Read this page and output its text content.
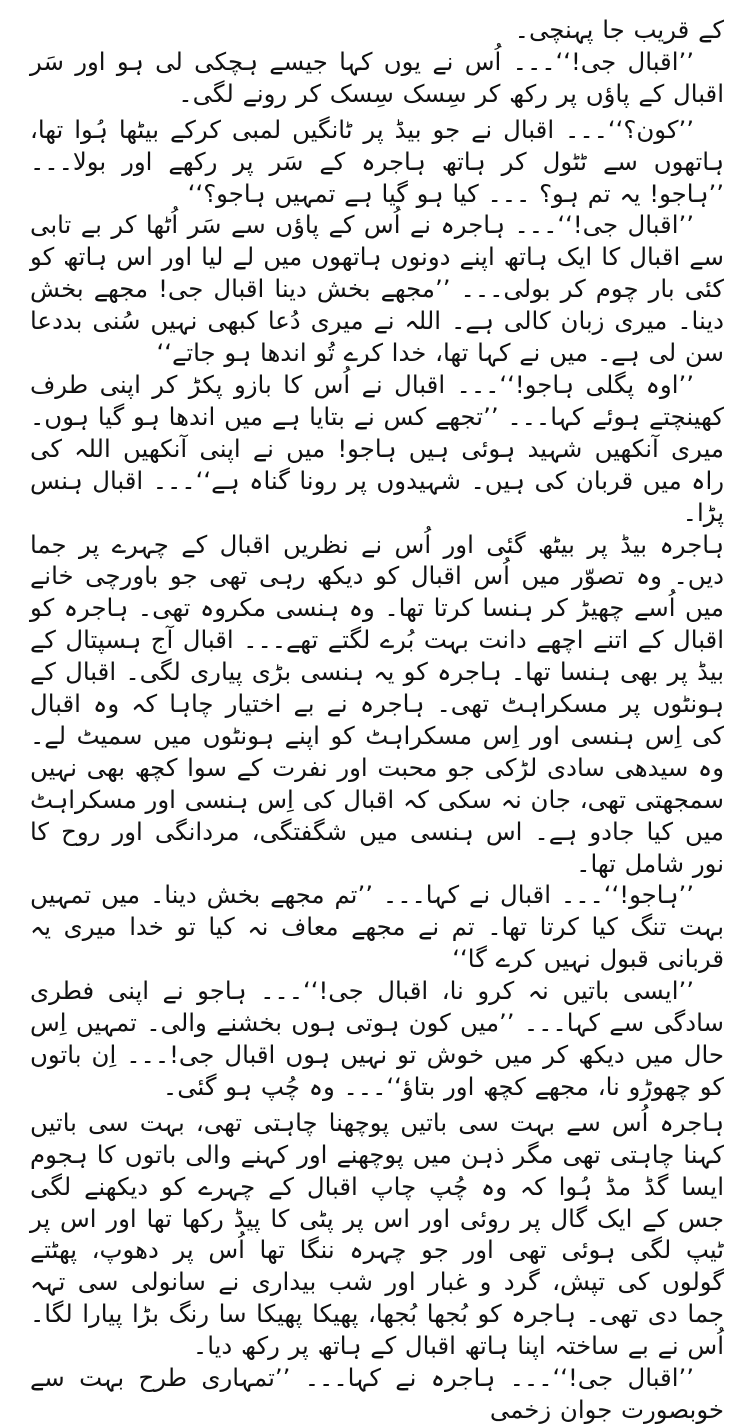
کے قریب جا پہنچی۔

’’اقبال جی!‘‘۔۔۔ اُس نے یوں کہا جیسے ہچکی لی ہو اور سَر اقبال کے پاؤں پر رکھ کر سِسک سِسک کر رونے لگی۔

’’کون؟‘‘۔۔۔ اقبال نے جو بیڈ پر ٹانگیں لمبی کرکے بیٹھا ہُوا تھا، ہاتھوں سے ٹٹول کر ہاتھ ہاجرہ کے سَر پر رکھے اور بولا۔۔۔ ’’ہاجو! یہ تم ہو؟ ۔۔۔ کیا ہو گیا ہے تمہیں ہاجو؟‘‘

’’اقبال جی!‘‘۔۔۔ ہاجرہ نے اُس کے پاؤں سے سَر اُٹھا کر بے تابی سے اقبال کا ایک ہاتھ اپنے دونوں ہاتھوں میں لے لیا اور اس ہاتھ کو کئی بار چوم کر بولی۔۔۔ ’’مجھے بخش دینا اقبال جی! مجھے بخش دینا۔ میری زبان کالی ہے۔ اللہ نے میری دُعا کبھی نہیں سُنی بددعا سن لی ہے۔ میں نے کہا تھا، خدا کرے تُو اندھا ہو جاتے‘‘

’’اوہ پگلی ہاجو!‘‘۔۔۔ اقبال نے اُس کا بازو پکڑ کر اپنی طرف کھینچتے ہوئے کہا۔۔۔ ’’تجھے کس نے بتایا ہے میں اندھا ہو گیا ہوں۔ میری آنکھیں شہید ہوئی ہیں ہاجو! میں نے اپنی آنکھیں اللہ کی راہ میں قربان کی ہیں۔ شہیدوں پر رونا گناہ ہے‘‘۔۔۔ اقبال ہنس پڑا۔

ہاجرہ بیڈ پر بیٹھ گئی اور اُس نے نظریں اقبال کے چہرے پر جما دیں۔ وہ تصوّر میں اُس اقبال کو دیکھ رہی تھی جو باورچی خانے میں اُسے چھیڑ کر ہنسا کرتا تھا۔ وہ ہنسی مکروہ تھی۔ ہاجرہ کو اقبال کے اتنے اچھے دانت بہت بُرے لگتے تھے۔۔۔ اقبال آج ہسپتال کے بیڈ پر بھی ہنسا تھا۔ ہاجرہ کو یہ ہنسی بڑی پیاری لگی۔ اقبال کے ہونٹوں پر مسکراہٹ تھی۔ ہاجرہ نے بے اختیار چاہا کہ وہ اقبال کی اِس ہنسی اور اِس مسکراہٹ کو اپنے ہونٹوں میں سمیٹ لے۔ وہ سیدھی سادی لڑکی جو محبت اور نفرت کے سوا کچھ بھی نہیں سمجھتی تھی، جان نہ سکی کہ اقبال کی اِس ہنسی اور مسکراہٹ میں کیا جادو ہے۔ اس ہنسی میں شگفتگی، مردانگی اور روح کا نور شامل تھا۔

’’ہاجو!‘‘۔۔۔ اقبال نے کہا۔۔۔ ’’تم مجھے بخش دینا۔ میں تمہیں بہت تنگ کیا کرتا تھا۔ تم نے مجھے معاف نہ کیا تو خدا میری یہ قربانی قبول نہیں کرے گا‘‘

’’ایسی باتیں نہ کرو نا، اقبال جی!‘‘۔۔۔ ہاجو نے اپنی فطری سادگی سے کہا۔۔۔ ’’میں کون ہوتی ہوں بخشنے والی۔ تمہیں اِس حال میں دیکھ کر میں خوش تو نہیں ہوں اقبال جی!۔۔۔ اِن باتوں کو چھوڑو نا، مجھے کچھ اور بتاؤ‘‘۔۔۔ وہ چُپ ہو گئی۔

ہاجرہ اُس سے بہت سی باتیں پوچھنا چاہتی تھی، بہت سی باتیں کہنا چاہتی تھی مگر ذہن میں پوچھنے اور کہنے والی باتوں کا ہجوم ایسا گڈ مڈ ہُوا کہ وہ چُپ چاپ اقبال کے چہرے کو دیکھنے لگی جس کے ایک گال پر روئی اور اس پر پٹی کا پیڈ رکھا تھا اور اس پر ٹیپ لگی ہوئی تھی اور جو چہرہ ننگا تھا اُس پر دھوپ، پھٹتے گولوں کی تپش، گرد و غبار اور شب بیداری نے سانولی سی تہہ جما دی تھی۔ ہاجرہ کو بُجھا بُجھا، پھیکا پھیکا سا رنگ بڑا پیارا لگا۔ اُس نے بے ساختہ اپنا ہاتھ اقبال کے ہاتھ پر رکھ دیا۔

’’اقبال جی!‘‘۔۔۔ ہاجرہ نے کہا۔۔۔ ’’تمہاری طرح بہت سے خوبصورت جوان زخمی
